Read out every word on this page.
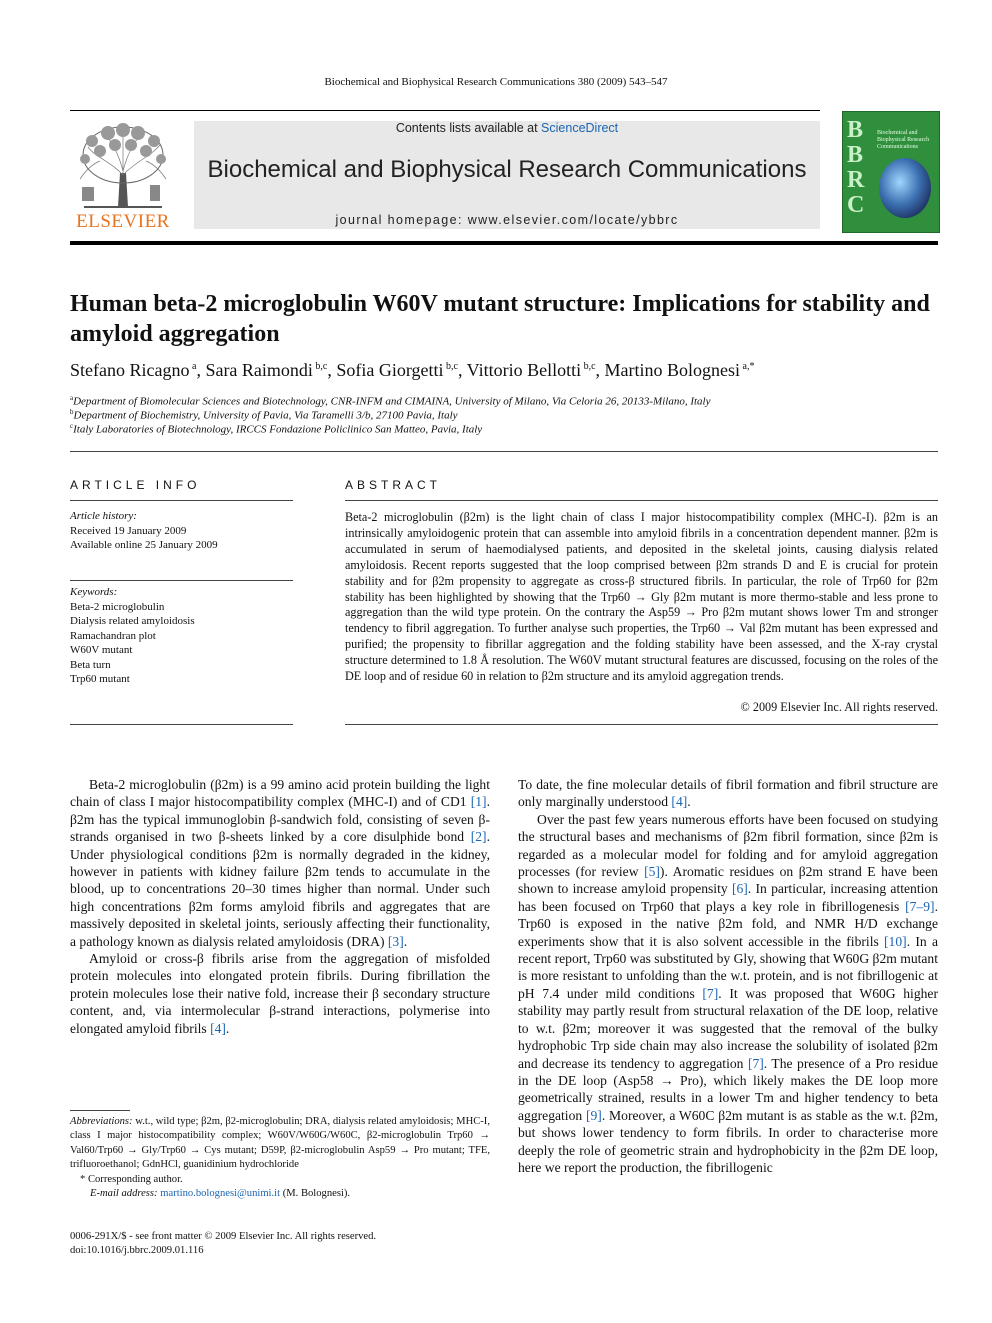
Biochemical and Biophysical Research Communications 380 (2009) 543–547
ELSEVIER
Contents lists available at ScienceDirect
Biochemical and Biophysical Research Communications
journal homepage: www.elsevier.com/locate/ybbrc
B
B
R
C
Biochemical and Biophysical Research Communications
Human beta-2 microglobulin W60V mutant structure: Implications for stability and amyloid aggregation
Stefano Ricagno $^a$, Sara Raimondi $^{b,c}$, Sofia Giorgetti $^{b,c}$, Vittorio Bellotti $^{b,c}$, Martino Bolognesi $^{a,*}$
$^a$Department of Biomolecular Sciences and Biotechnology, CNR-INFM and CIMAINA, University of Milano, Via Celoria 26, 20133-Milano, Italy
$^b$Department of Biochemistry, University of Pavia, Via Taramelli 3/b, 27100 Pavia, Italy
$^c$Italy Laboratories of Biotechnology, IRCCS Fondazione Policlinico San Matteo, Pavia, Italy
ARTICLE INFO
Article history:
Received 19 January 2009
Available online 25 January 2009
Keywords:
Beta-2 microglobulin
Dialysis related amyloidosis
Ramachandran plot
W60V mutant
Beta turn
Trp60 mutant
ABSTRACT
Beta-2 microglobulin (β2m) is the light chain of class I major histocompatibility complex (MHC-I). β2m is an intrinsically amyloidogenic protein that can assemble into amyloid fibrils in a concentration dependent manner. β2m is accumulated in serum of haemodialysed patients, and deposited in the skeletal joints, causing dialysis related amyloidosis. Recent reports suggested that the loop comprised between β2m strands D and E is crucial for protein stability and for β2m propensity to aggregate as cross-β structured fibrils. In particular, the role of Trp60 for β2m stability has been highlighted by showing that the Trp60 → Gly β2m mutant is more thermo-stable and less prone to aggregation than the wild type protein. On the contrary the Asp59 → Pro β2m mutant shows lower Tm and stronger tendency to fibril aggregation. To further analyse such properties, the Trp60 → Val β2m mutant has been expressed and purified; the propensity to fibrillar aggregation and the folding stability have been assessed, and the X-ray crystal structure determined to 1.8 Å resolution. The W60V mutant structural features are discussed, focusing on the roles of the DE loop and of residue 60 in relation to β2m structure and its amyloid aggregation trends.
© 2009 Elsevier Inc. All rights reserved.

Beta-2 microglobulin (β2m) is a 99 amino acid protein building the light chain of class I major histocompatibility complex (MHC-I) and of CD1 [1]. β2m has the typical immunoglobin β-sandwich fold, consisting of seven β-strands organised in two β-sheets linked by a core disulphide bond [2]. Under physiological conditions β2m is normally degraded in the kidney, however in patients with kidney failure β2m tends to accumulate in the blood, up to concentrations 20–30 times higher than normal. Under such high concentrations β2m forms amyloid fibrils and aggregates that are massively deposited in skeletal joints, seriously affecting their functionality, a pathology known as dialysis related amyloidosis (DRA) [3].

Amyloid or cross-β fibrils arise from the aggregation of misfolded protein molecules into elongated protein fibrils. During fibrillation the protein molecules lose their native fold, increase their β secondary structure content, and, via intermolecular β-strand interactions, polymerise into elongated amyloid fibrils [4].

To date, the fine molecular details of fibril formation and fibril structure are only marginally understood [4].

Over the past few years numerous efforts have been focused on studying the structural bases and mechanisms of β2m fibril formation, since β2m is regarded as a molecular model for folding and for amyloid aggregation processes (for review [5]). Aromatic residues on β2m strand E have been shown to increase amyloid propensity [6]. In particular, increasing attention has been focused on Trp60 that plays a key role in fibrillogenesis [7–9]. Trp60 is exposed in the native β2m fold, and NMR H/D exchange experiments show that it is also solvent accessible in the fibrils [10]. In a recent report, Trp60 was substituted by Gly, showing that W60G β2m mutant is more resistant to unfolding than the w.t. protein, and is not fibrillogenic at pH 7.4 under mild conditions [7]. It was proposed that W60G higher stability may partly result from structural relaxation of the DE loop, relative to w.t. β2m; moreover it was suggested that the removal of the bulky hydrophobic Trp side chain may also increase the solubility of isolated β2m and decrease its tendency to aggregation [7]. The presence of a Pro residue in the DE loop (Asp58 → Pro), which likely makes the DE loop more geometrically strained, results in a lower Tm and higher tendency to beta aggregation [9]. Moreover, a W60C β2m mutant is as stable as the w.t. β2m, but shows lower tendency to form fibrils. In order to characterise more deeply the role of geometric strain and hydrophobicity in the β2m DE loop, here we report the production, the fibrillogenic

Abbreviations: w.t., wild type; β2m, β2-microglobulin; DRA, dialysis related amyloidosis; MHC-I, class I major histocompatibility complex; W60V/W60G/W60C, β2-microglobulin Trp60 → Val60/Trp60 → Gly/Trp60 → Cys mutant; D59P, β2-microglobulin Asp59 → Pro mutant; TFE, trifluoroethanol; GdnHCl, guanidinium hydrochloride
* Corresponding author.
E-mail address: martino.bolognesi@unimi.it (M. Bolognesi).
0006-291X/$ - see front matter © 2009 Elsevier Inc. All rights reserved.
doi:10.1016/j.bbrc.2009.01.116
